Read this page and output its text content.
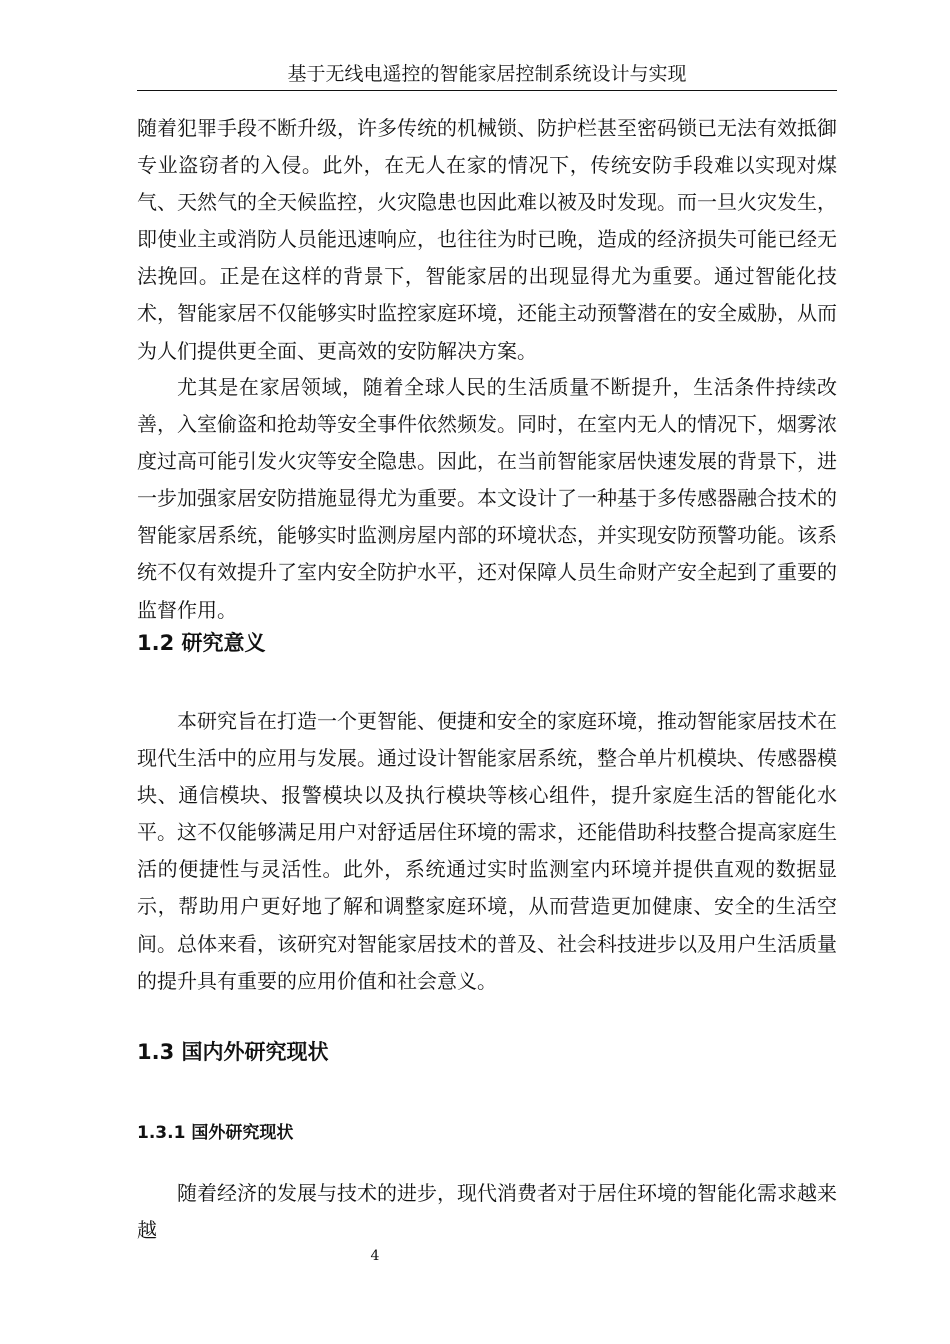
基于无线电遥控的智能家居控制系统设计与实现

随着犯罪手段不断升级，许多传统的机械锁、防护栏甚至密码锁已无法有效抵御专业盗窃者的入侵。此外，在无人在家的情况下，传统安防手段难以实现对煤气、天然气的全天候监控，火灾隐患也因此难以被及时发现。而一旦火灾发生，即使业主或消防人员能迅速响应，也往往为时已晚，造成的经济损失可能已经无法挽回。正是在这样的背景下，智能家居的出现显得尤为重要。通过智能化技术，智能家居不仅能够实时监控家庭环境，还能主动预警潜在的安全威胁，从而为人们提供更全面、更高效的安防解决方案。

尤其是在家居领域，随着全球人民的生活质量不断提升，生活条件持续改善，入室偷盗和抢劫等安全事件依然频发。同时，在室内无人的情况下，烟雾浓度过高可能引发火灾等安全隐患。因此，在当前智能家居快速发展的背景下，进一步加强家居安防措施显得尤为重要。本文设计了一种基于多传感器融合技术的智能家居系统，能够实时监测房屋内部的环境状态，并实现安防预警功能。该系统不仅有效提升了室内安全防护水平，还对保障人员生命财产安全起到了重要的监督作用。

1.2 研究意义

本研究旨在打造一个更智能、便捷和安全的家庭环境，推动智能家居技术在现代生活中的应用与发展。通过设计智能家居系统，整合单片机模块、传感器模块、通信模块、报警模块以及执行模块等核心组件，提升家庭生活的智能化水平。这不仅能够满足用户对舒适居住环境的需求，还能借助科技整合提高家庭生活的便捷性与灵活性。此外，系统通过实时监测室内环境并提供直观的数据显示，帮助用户更好地了解和调整家庭环境，从而营造更加健康、安全的生活空间。总体来看，该研究对智能家居技术的普及、社会科技进步以及用户生活质量的提升具有重要的应用价值和社会意义。

1.3 国内外研究现状
1.3.1 国外研究现状

随着经济的发展与技术的进步，现代消费者对于居住环境的智能化需求越来越

4
